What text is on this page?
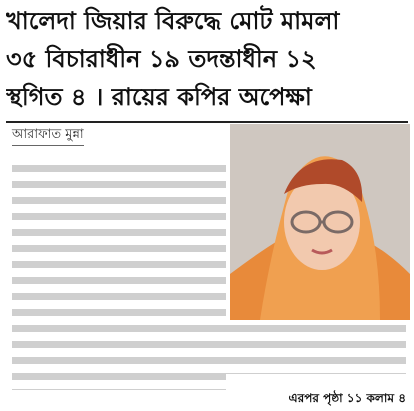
খালেদা জিয়ার বিরুদ্ধে মোট মামলা
৩৫ বিচারাধীন ১৯ তদন্তাধীন ১২
স্থগিত ৪ । রায়ের কপির অপেক্ষা
আরাফাত মুন্না
এরপর পৃষ্ঠা ১১ কলাম ৪
